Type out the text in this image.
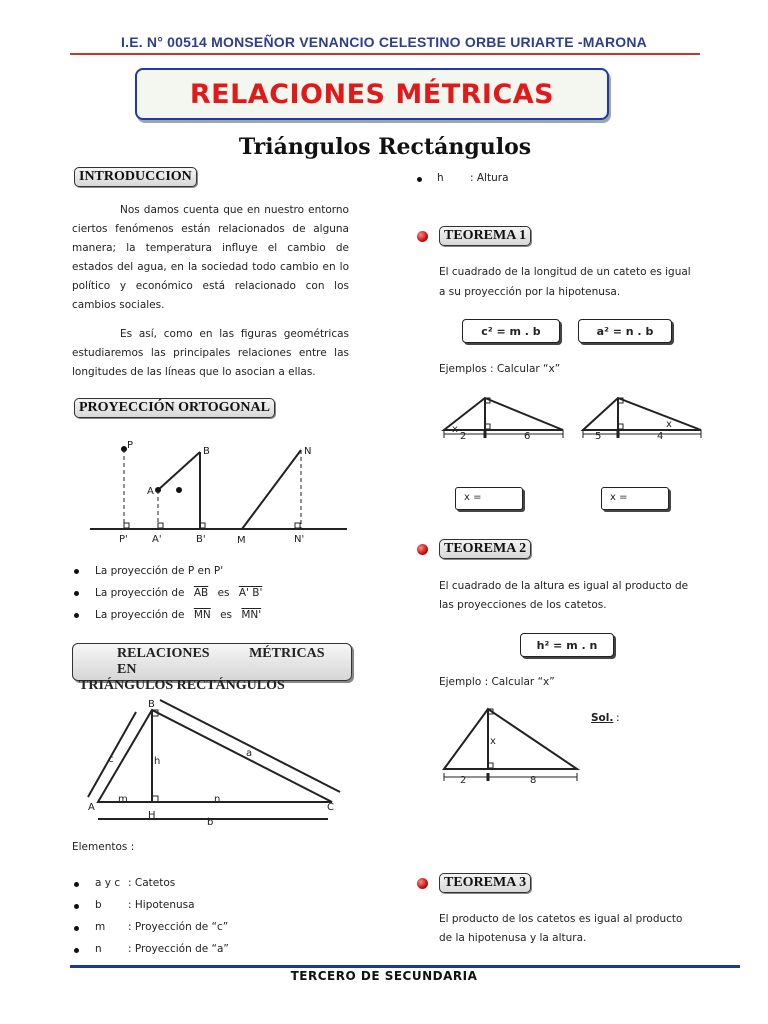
I.E. N° 00514 MONSEÑOR VENANCIO CELESTINO ORBE URIARTE -MARONA
RELACIONES MÉTRICAS
Triángulos Rectángulos
INTRODUCCION
Nos damos cuenta que en nuestro entorno ciertos fenómenos están relacionados de alguna manera; la temperatura influye el cambio de estados del agua, en la sociedad todo cambio en lo político y económico está relacionado con los cambios sociales.
Es así, como en las figuras geométricas estudiaremos las principales relaciones entre las longitudes de las líneas que lo asocian a ellas.
PROYECCIÓN ORTOGONAL
P
B	N
A
P' A'	B'	M	N'
La proyección de P en P'
La proyección de $\overline{AB}$ es A' B'
La proyección de $\overline{MN}$ es MN'
RELACIONES MÉTRICAS EN
TRIÁNGULOS RECTÁNGULOS
B
A	C
H
a
c
b
h
m	n
Elementos :
a y c : Catetos
b	: Hipotenusa
m : Proyección de “c”
n	: Proyección de “a”
h	: Altura
TEOREMA 1
El cuadrado de la longitud de un cateto es igual
a su proyección por la hipotenusa.
c² = m . b	a² = n . b
Ejemplos : Calcular “x”
x
2	6
x
5	4
x =	x =
TEOREMA 2
El cuadrado de la altura es igual al producto de
las proyecciones de los catetos.
h² = m . n
Ejemplo : Calcular “x”
x
2	8
Sol. :
TEOREMA 3
El producto de los catetos es igual al producto
de la hipotenusa y la altura.
TERCERO DE SECUNDARIA
